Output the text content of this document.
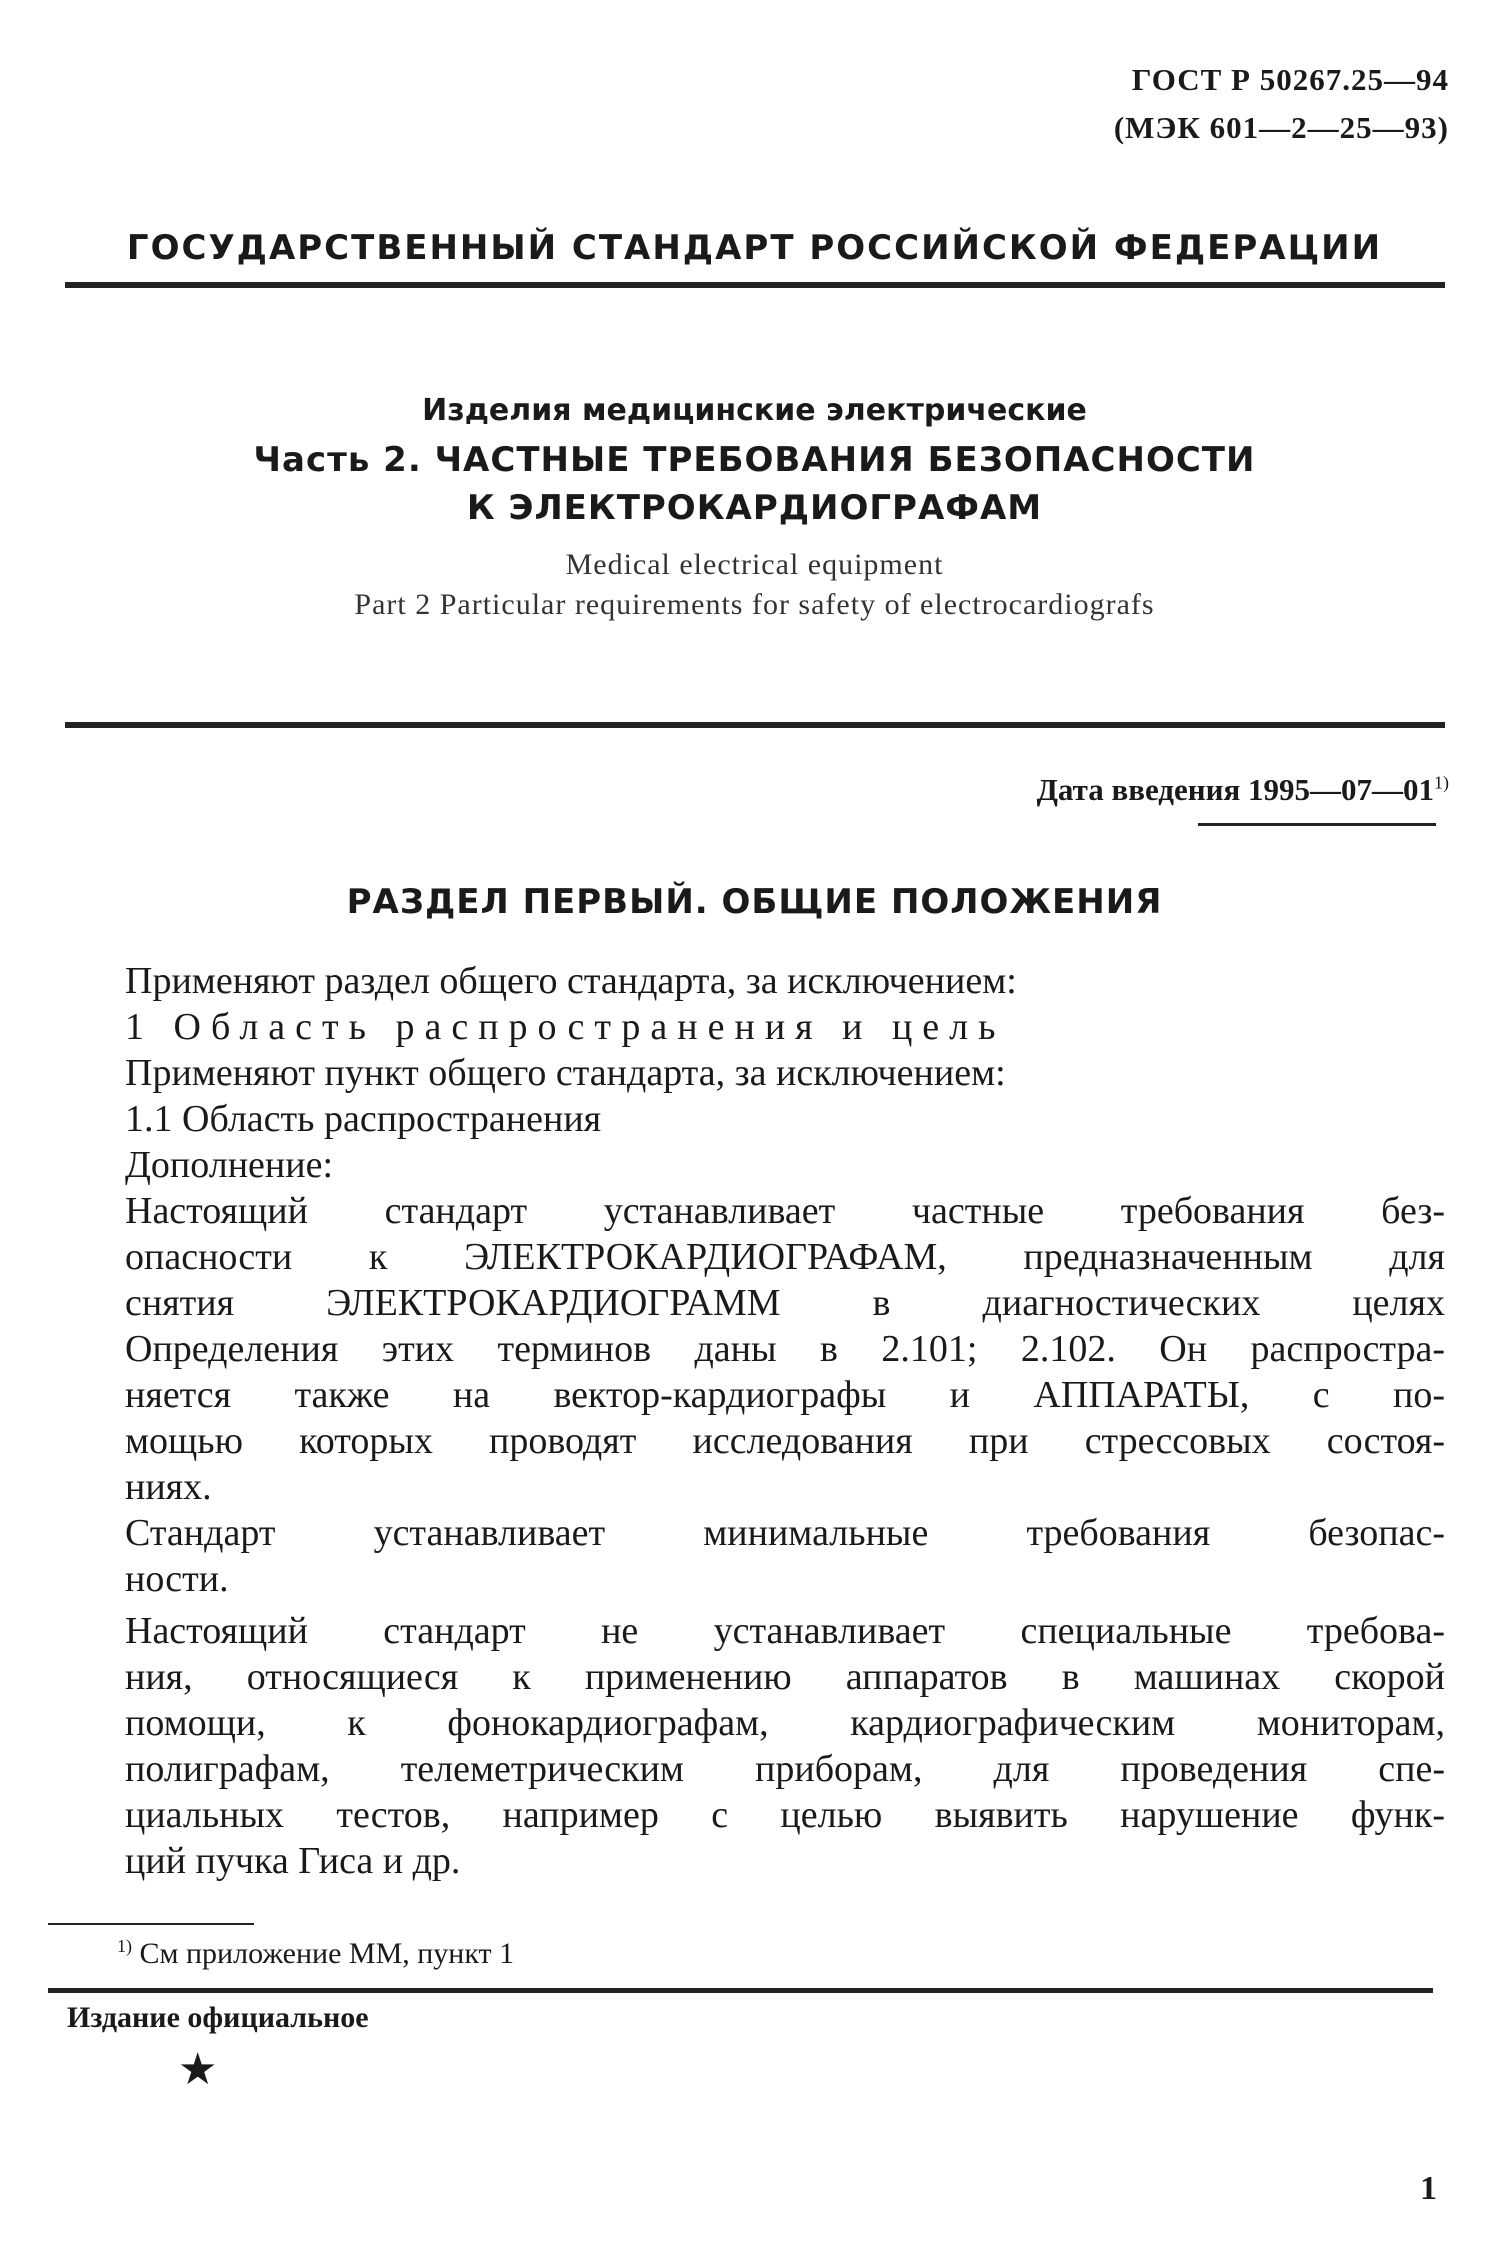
ГОСТ Р 50267.25—94
(МЭК 601—2—25—93)
ГОСУДАРСТВЕННЫЙ СТАНДАРТ РОССИЙСКОЙ ФЕДЕРАЦИИ
Изделия медицинские электрические
Часть 2. ЧАСТНЫЕ ТРЕБОВАНИЯ БЕЗОПАСНОСТИ
К ЭЛЕКТРОКАРДИОГРАФАМ
Medical electrical equipment
Part 2 Particular requirements for safety of electrocardiografs
Дата введения 1995—07—01$^{1)}$
РАЗДЕЛ ПЕРВЫЙ. ОБЩИЕ ПОЛОЖЕНИЯ
Применяют раздел общего стандарта, за исключением:
1 Область распространения и цель
Применяют пункт общего стандарта, за исключением:
1.1 Область распространения
Дополнение:
Настоящий стандарт устанавливает частные требования без-
опасности к ЭЛЕКТРОКАРДИОГРАФАМ, предназначенным для
снятия ЭЛЕКТРОКАРДИОГРАММ в диагностических целях
Определения этих терминов даны в 2.101; 2.102. Он распростра-
няется также на вектор-кардиографы и АППАРАТЫ, с по-
мощью которых проводят исследования при стрессовых состоя-
ниях.
Стандарт устанавливает минимальные требования безопас-
ности.
Настоящий стандарт не устанавливает специальные требова-
ния, относящиеся к применению аппаратов в машинах скорой
помощи, к фонокардиографам, кардиографическим мониторам,
полиграфам, телеметрическим приборам, для проведения спе-
циальных тестов, например с целью выявить нарушение функ-
ций пучка Гиса и др.
$^{1)}$ См приложение ММ, пункт 1
Издание официальное
★
1
